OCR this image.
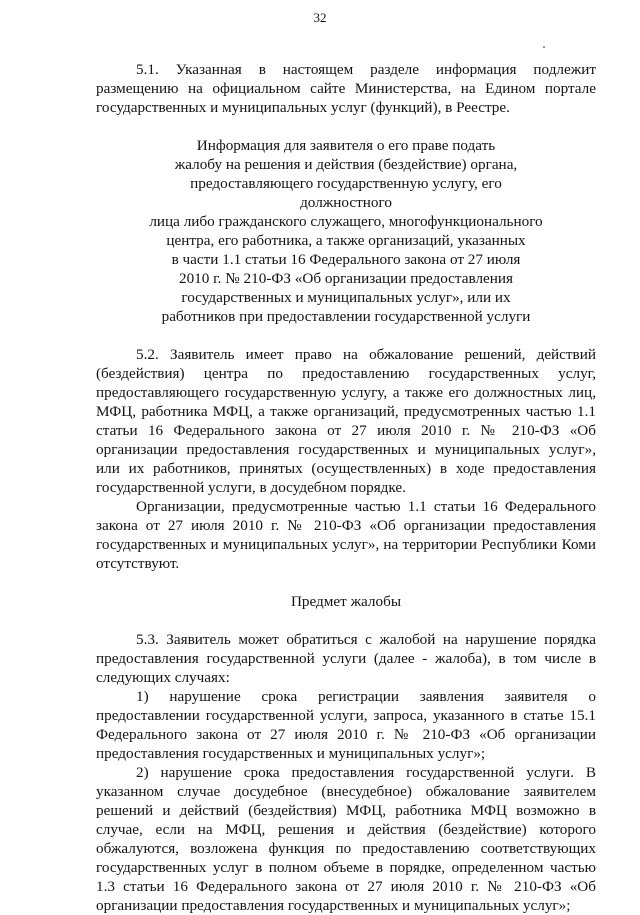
32

5.1. Указанная в настоящем разделе информация подлежит размещению на официальном сайте Министерства, на Едином портале государственных и муниципальных услуг (функций), в Реестре.

Информация для заявителя о его праве подать
жалобу на решения и действия (бездействие) органа,
предоставляющего государственную услугу, его должностного
лица либо гражданского служащего, многофункционального
центра, его работника, а также организаций, указанных
в части 1.1 статьи 16 Федерального закона от 27 июля
2010 г. № 210-ФЗ «Об организации предоставления
государственных и муниципальных услуг», или их
работников при предоставлении государственной услуги

5.2. Заявитель имеет право на обжалование решений, действий (бездействия) центра по предоставлению государственных услуг, предоставляющего государственную услугу, а также его должностных лиц, МФЦ, работника МФЦ, а также организаций, предусмотренных частью 1.1 статьи 16 Федерального закона от 27 июля 2010 г. № 210-ФЗ «Об организации предоставления государственных и муниципальных услуг», или их работников, принятых (осуществленных) в ходе предоставления государственной услуги, в досудебном порядке.

Организации, предусмотренные частью 1.1 статьи 16 Федерального закона от 27 июля 2010 г. № 210-ФЗ «Об организации предоставления государственных и муниципальных услуг», на территории Республики Коми отсутствуют.

Предмет жалобы

5.3. Заявитель может обратиться с жалобой на нарушение порядка предоставления государственной услуги (далее - жалоба), в том числе в следующих случаях:

1) нарушение срока регистрации заявления заявителя о предоставлении государственной услуги, запроса, указанного в статье 15.1 Федерального закона от 27 июля 2010 г. № 210-ФЗ «Об организации предоставления государственных и муниципальных услуг»;

2) нарушение срока предоставления государственной услуги. В указанном случае досудебное (внесудебное) обжалование заявителем решений и действий (бездействия) МФЦ, работника МФЦ возможно в случае, если на МФЦ, решения и действия (бездействие) которого обжалуются, возложена функция по предоставлению соответствующих государственных услуг в полном объеме в порядке, определенном частью 1.3 статьи 16 Федерального закона от 27 июля 2010 г. № 210-ФЗ «Об организации предоставления государственных и муниципальных услуг»;
